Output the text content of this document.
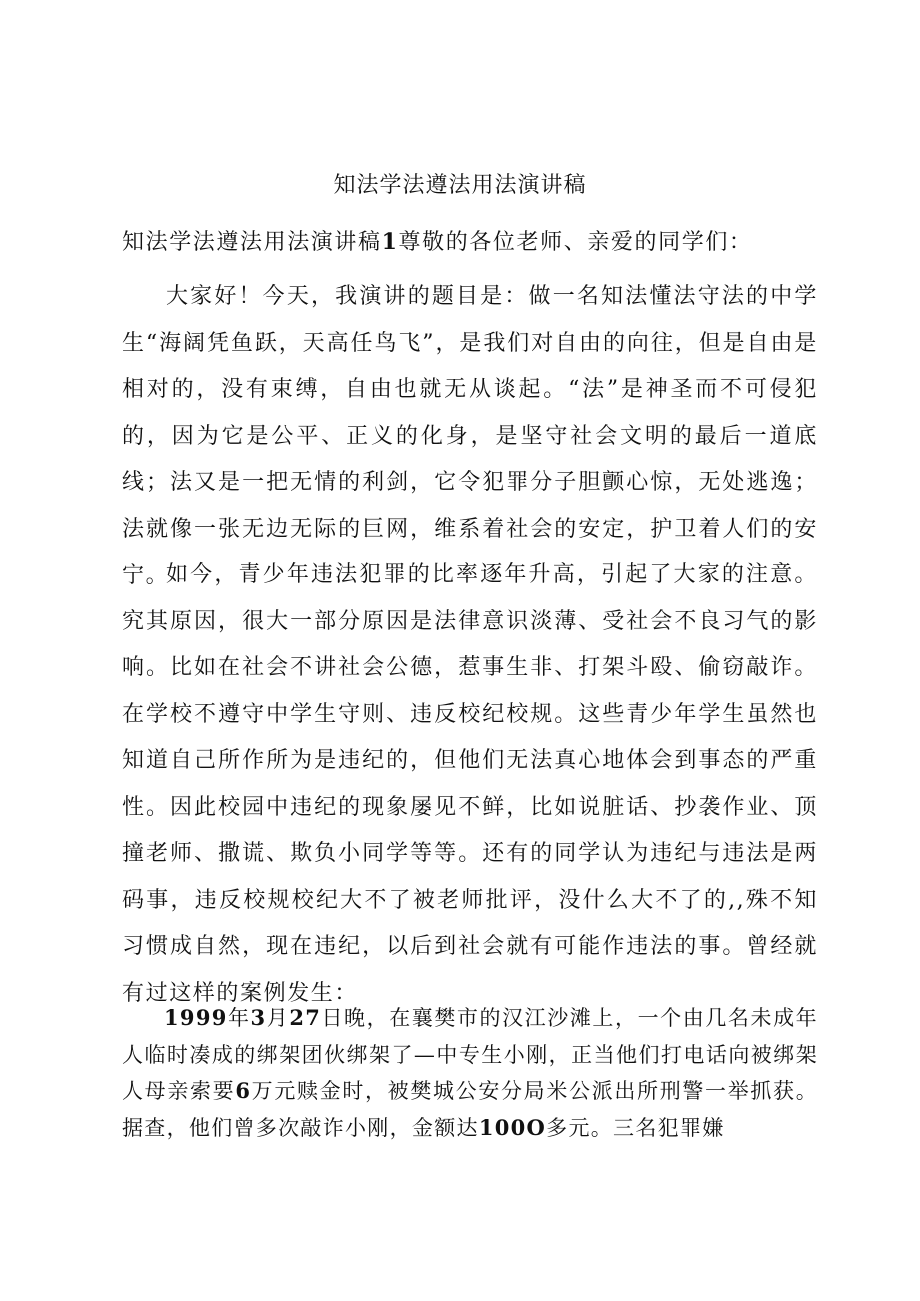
知法学法遵法用法演讲稿
知法学法遵法用法演讲稿1尊敬的各位老师、亲爱的同学们：

大家好！今天，我演讲的题目是：做一名知法懂法守法的中学生“海阔凭鱼跃，天高任鸟飞”，是我们对自由的向往，但是自由是相对的，没有束缚，自由也就无从谈起。“法”是神圣而不可侵犯的，因为它是公平、正义的化身，是坚守社会文明的最后一道底线；法又是一把无情的利剑，它令犯罪分子胆颤心惊，无处逃逸；法就像一张无边无际的巨网，维系着社会的安定，护卫着人们的安宁。

如今，青少年违法犯罪的比率逐年升高，引起了大家的注意。究其原因，很大一部分原因是法律意识淡薄、受社会不良习气的影响。比如在社会不讲社会公德，惹事生非、打架斗殴、偷窃敲诈。在学校不遵守中学生守则、违反校纪校规。这些青少年学生虽然也知道自己所作所为是违纪的，但他们无法真心地体会到事态的严重性。因此校园中违纪的现象屡见不鲜，比如说脏话、抄袭作业、顶撞老师、撒谎、欺负小同学等等。还有的同学认为违纪与违法是两码事，违反校规校纪大不了被老师批评，没什么大不了的,,殊不知习惯成自然，现在违纪，以后到社会就有可能作违法的事。曾经就有过这样的案例发生：

1999年3月27日晚，在襄樊市的汉江沙滩上，一个由几名未成年人临时凑成的绑架团伙绑架了—中专生小刚，正当他们打电话向被绑架人母亲索要6万元赎金时，被樊城公安分局米公派出所刑警一举抓获。据查，他们曾多次敲诈小刚，金额达100O多元。三名犯罪嫌
